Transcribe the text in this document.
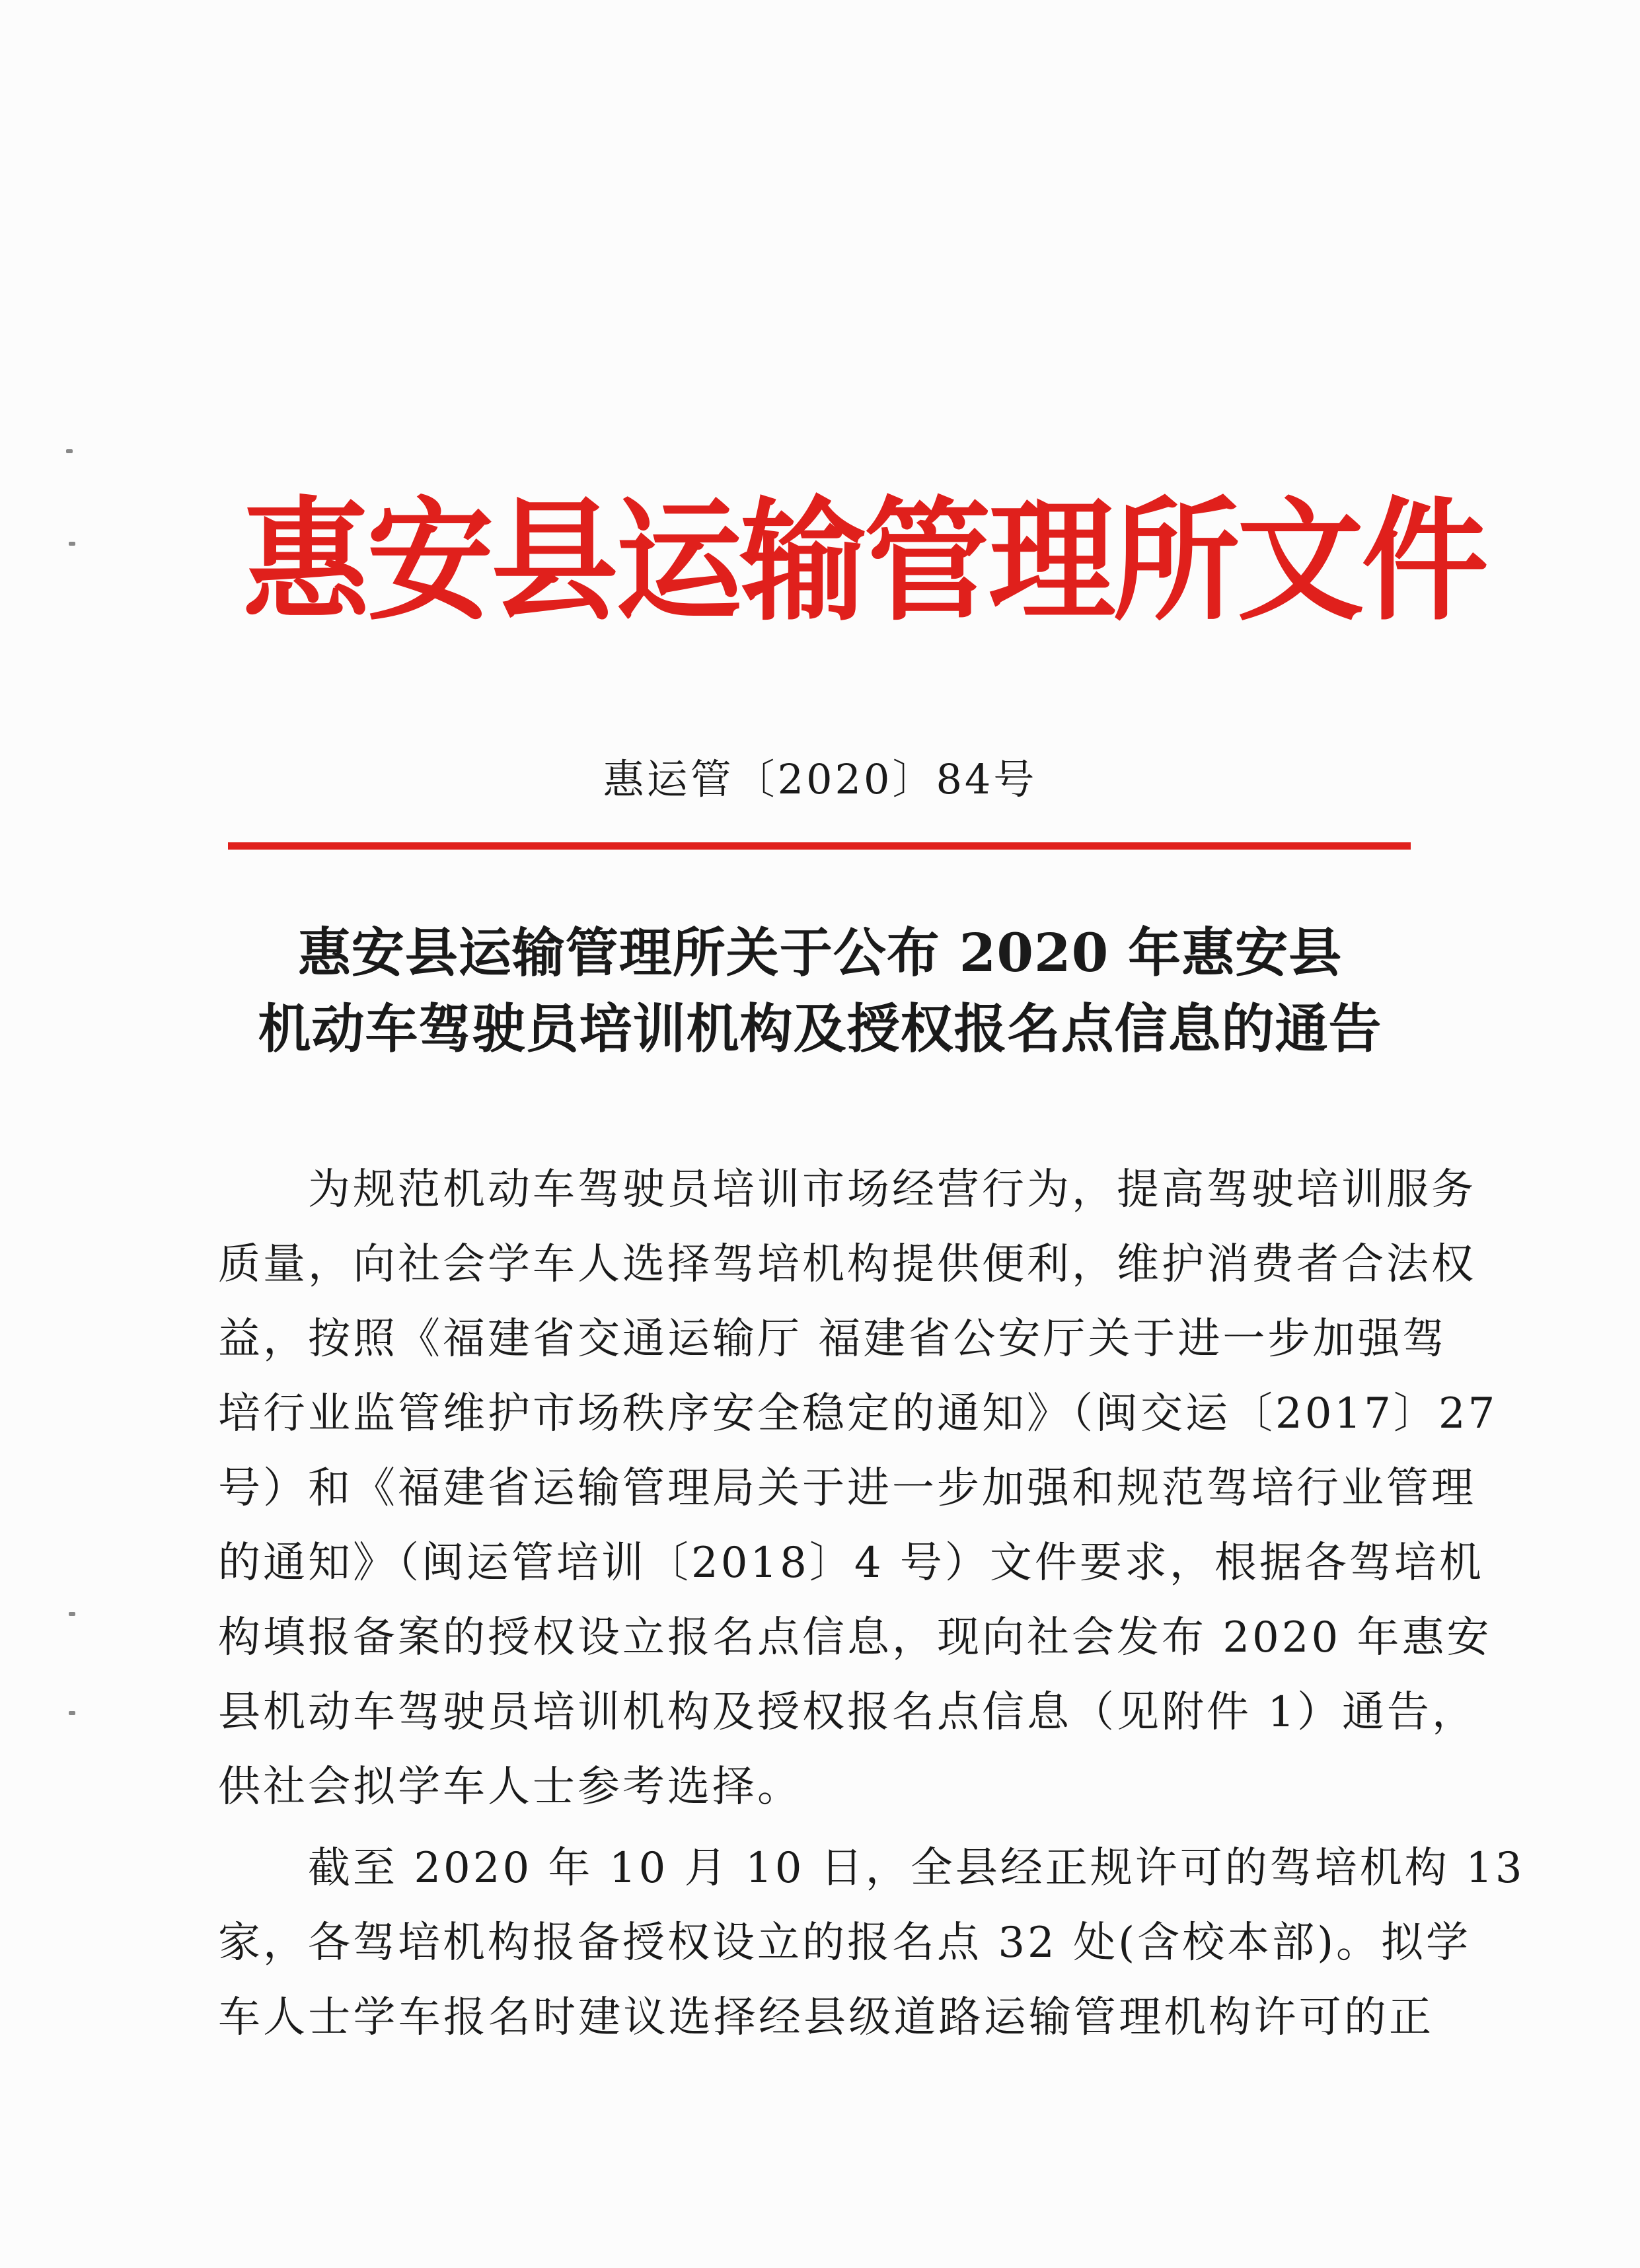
惠安县运输管理所文件
惠运管〔2020〕84号
惠安县运输管理所关于公布 2020 年惠安县
机动车驾驶员培训机构及授权报名点信息的通告
　　为规范机动车驾驶员培训市场经营行为，提高驾驶培训服务
质量，向社会学车人选择驾培机构提供便利，维护消费者合法权
益，按照《福建省交通运输厅 福建省公安厅关于进一步加强驾
培行业监管维护市场秩序安全稳定的通知》（闽交运〔2017〕27
号）和《福建省运输管理局关于进一步加强和规范驾培行业管理
的通知》（闽运管培训〔2018〕4 号）文件要求，根据各驾培机
构填报备案的授权设立报名点信息，现向社会发布 2020 年惠安
县机动车驾驶员培训机构及授权报名点信息（见附件 1）通告，
供社会拟学车人士参考选择。
　　截至 2020 年 10 月 10 日，全县经正规许可的驾培机构 13
家，各驾培机构报备授权设立的报名点 32 处(含校本部)。拟学
车人士学车报名时建议选择经县级道路运输管理机构许可的正
